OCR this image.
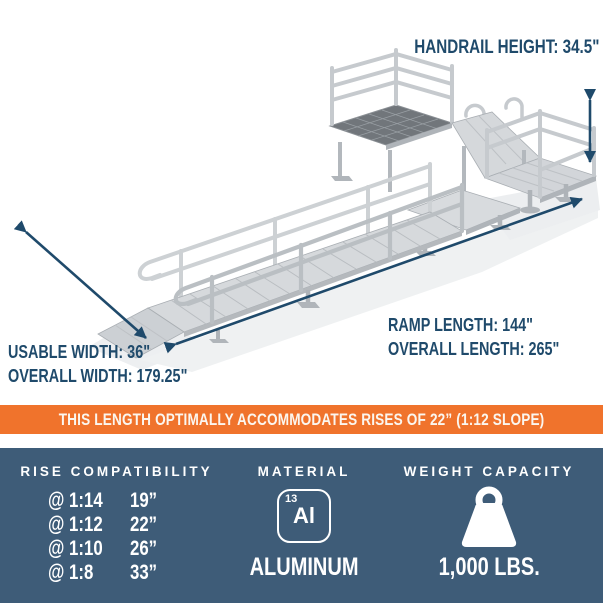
HANDRAIL HEIGHT: 34.5"
RAMP LENGTH: 144"
OVERALL LENGTH: 265"
USABLE WIDTH: 36"
OVERALL WIDTH: 179.25"
THIS LENGTH OPTIMALLY ACCOMMODATES RISES OF 22” (1:12 SLOPE)
RISE COMPATIBILITY
@ 1:14	19”
@ 1:12	22”
@ 1:10	26”
@ 1:8	33”
MATERIAL
13
Al
ALUMINUM
WEIGHT CAPACITY
1,000 LBS.
